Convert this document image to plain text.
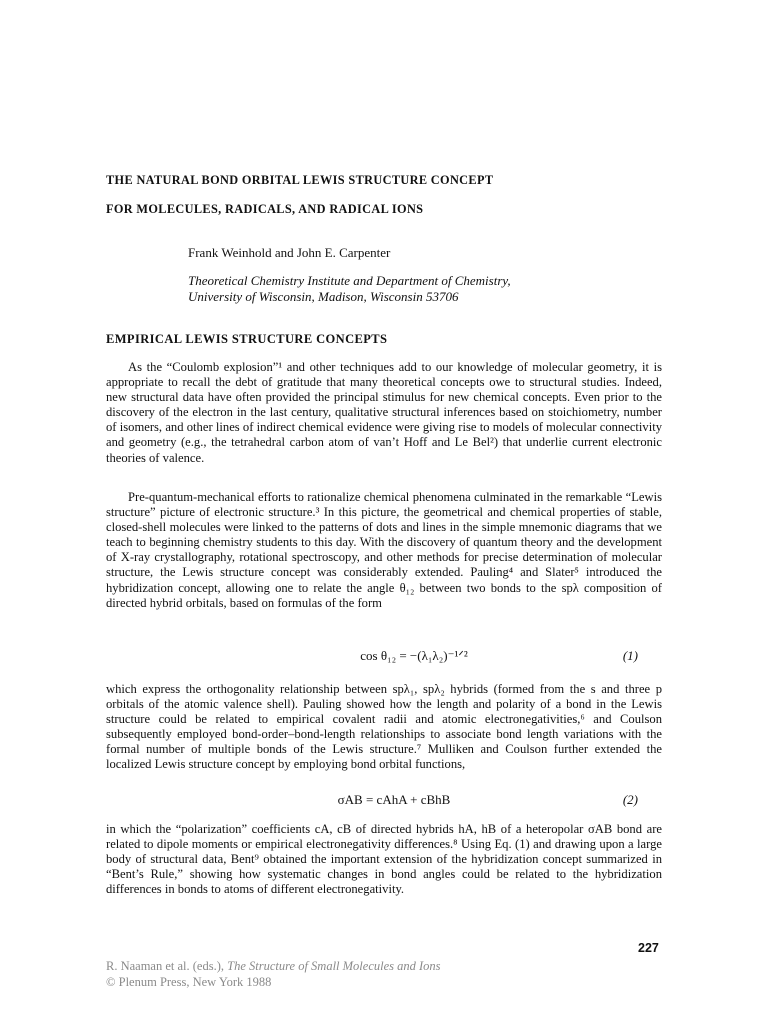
THE NATURAL BOND ORBITAL LEWIS STRUCTURE CONCEPT
FOR MOLECULES, RADICALS, AND RADICAL IONS
Frank Weinhold and John E. Carpenter
Theoretical Chemistry Institute and Department of Chemistry,
University of Wisconsin, Madison, Wisconsin 53706
EMPIRICAL LEWIS STRUCTURE CONCEPTS

As the “Coulomb explosion”¹ and other techniques add to our knowledge of molecular geometry, it is appropriate to recall the debt of gratitude that many theoretical concepts owe to structural studies. Indeed, new structural data have often provided the principal stimulus for new chemical concepts. Even prior to the discovery of the electron in the last century, qualitative structural inferences based on stoichiometry, number of isomers, and other lines of indirect chemical evidence were giving rise to models of molecular connectivity and geometry (e.g., the tetrahedral carbon atom of van’t Hoff and Le Bel²) that underlie current electronic theories of valence.

Pre-quantum-mechanical efforts to rationalize chemical phenomena culminated in the remarkable “Lewis structure” picture of electronic structure.³ In this picture, the geometrical and chemical properties of stable, closed-shell molecules were linked to the patterns of dots and lines in the simple mnemonic diagrams that we teach to beginning chemistry students to this day. With the discovery of quantum theory and the development of X-ray crystallography, rotational spectroscopy, and other methods for precise determination of molecular structure, the Lewis structure concept was considerably extended. Pauling⁴ and Slater⁵ introduced the hybridization concept, allowing one to relate the angle θ₁₂ between two bonds to the spλ composition of directed hybrid orbitals, based on formulas of the form

cos θ₁₂ = −(λ₁λ₂)⁻¹ᐟ²	(1)

which express the orthogonality relationship between spλ₁, spλ₂ hybrids (formed from the s and three p orbitals of the atomic valence shell). Pauling showed how the length and polarity of a bond in the Lewis structure could be related to empirical covalent radii and atomic electronegativities,⁶ and Coulson subsequently employed bond-order–bond-length relationships to associate bond length variations with the formal number of multiple bonds of the Lewis structure.⁷ Mulliken and Coulson further extended the localized Lewis structure concept by employing bond orbital functions,

σAB = cAhA + cBhB	(2)

in which the “polarization” coefficients cA, cB of directed hybrids hA, hB of a heteropolar σAB bond are related to dipole moments or empirical electronegativity differences.⁸ Using Eq. (1) and drawing upon a large body of structural data, Bent⁹ obtained the important extension of the hybridization concept summarized in “Bent’s Rule,” showing how systematic changes in bond angles could be related to the hybridization differences in bonds to atoms of different electronegativity.

227
R. Naaman et al. (eds.), The Structure of Small Molecules and Ions
© Plenum Press, New York 1988
